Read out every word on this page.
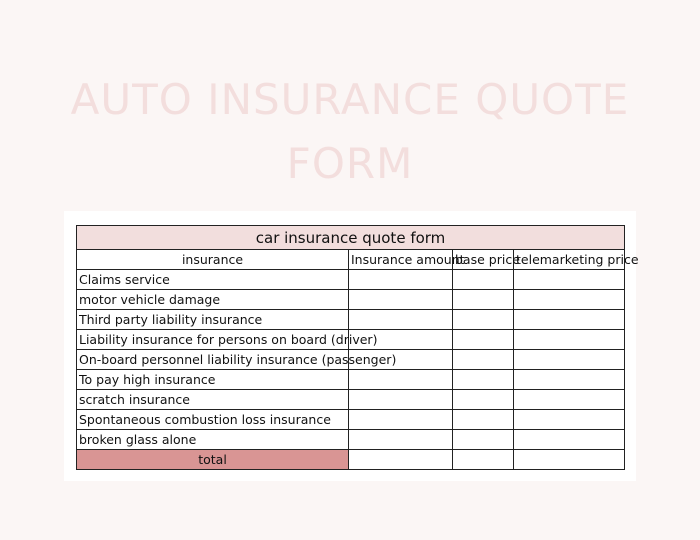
AUTO INSURANCE QUOTE
FORM
car insurance quote form			
insurance	Insurance amount	base price	telemarketing price
Claims service			
motor vehicle damage			
Third party liability insurance			
Liability insurance for persons on board (driver)			
On-board personnel liability insurance (passenger)			
To pay high insurance			
scratch insurance			
Spontaneous combustion loss insurance			
broken glass alone			
total			
